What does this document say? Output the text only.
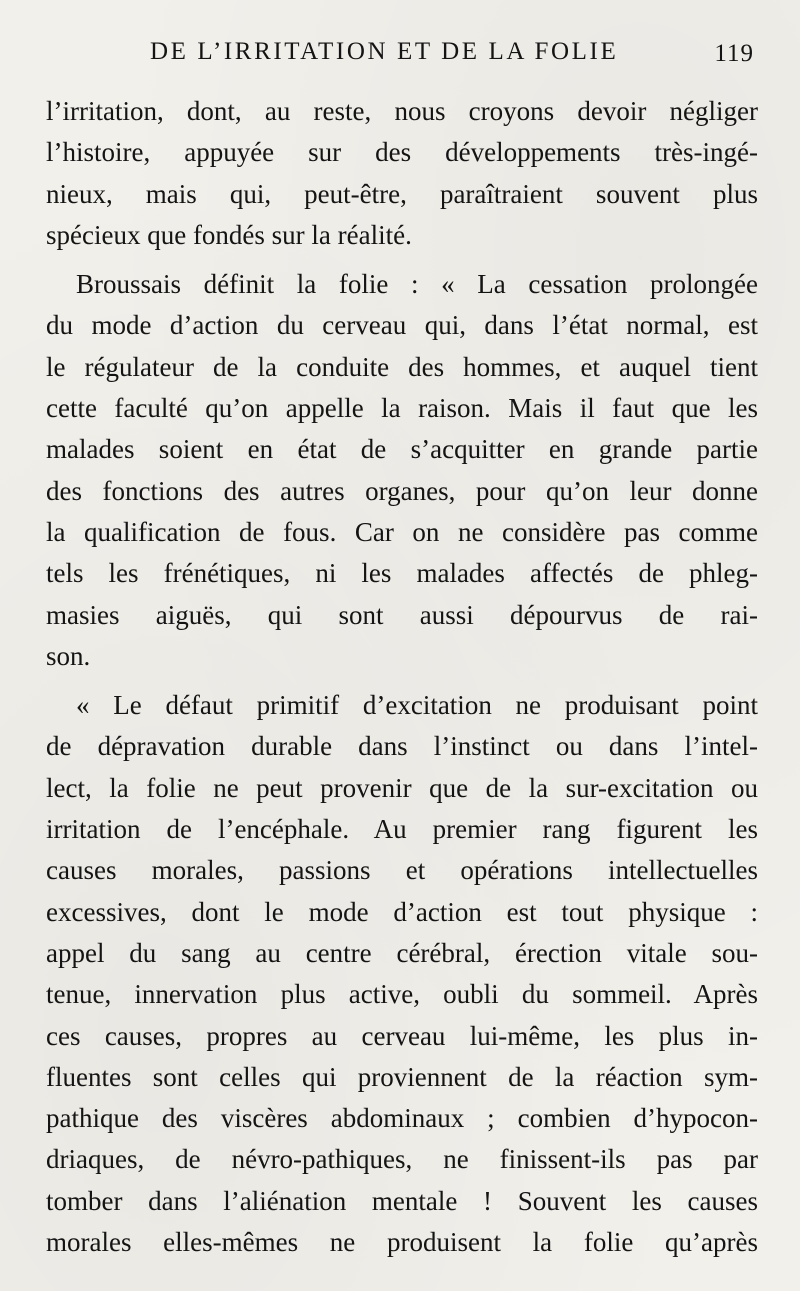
DE L’IRRITATION ET DE LA FOLIE	119
l’irritation, dont, au reste, nous croyons devoir négliger
l’histoire, appuyée sur des développements très-ingé-
nieux, mais qui, peut-être, paraîtraient souvent plus
spécieux que fondés sur la réalité.
Broussais définit la folie : « La cessation prolongée
du mode d’action du cerveau qui, dans l’état normal, est
le régulateur de la conduite des hommes, et auquel tient
cette faculté qu’on appelle la raison. Mais il faut que les
malades soient en état de s’acquitter en grande partie
des fonctions des autres organes, pour qu’on leur donne
la qualification de fous. Car on ne considère pas comme
tels les frénétiques, ni les malades affectés de phleg-
masies aiguës, qui sont aussi dépourvus de rai-
son.
« Le défaut primitif d’excitation ne produisant point
de dépravation durable dans l’instinct ou dans l’intel-
lect, la folie ne peut provenir que de la sur-excitation ou
irritation de l’encéphale. Au premier rang figurent les
causes morales, passions et opérations intellectuelles
excessives, dont le mode d’action est tout physique :
appel du sang au centre cérébral, érection vitale sou-
tenue, innervation plus active, oubli du sommeil. Après
ces causes, propres au cerveau lui-même, les plus in-
fluentes sont celles qui proviennent de la réaction sym-
pathique des viscères abdominaux ; combien d’hypocon-
driaques, de névro-pathiques, ne finissent-ils pas par
tomber dans l’aliénation mentale ! Souvent les causes
morales elles-mêmes ne produisent la folie qu’après
